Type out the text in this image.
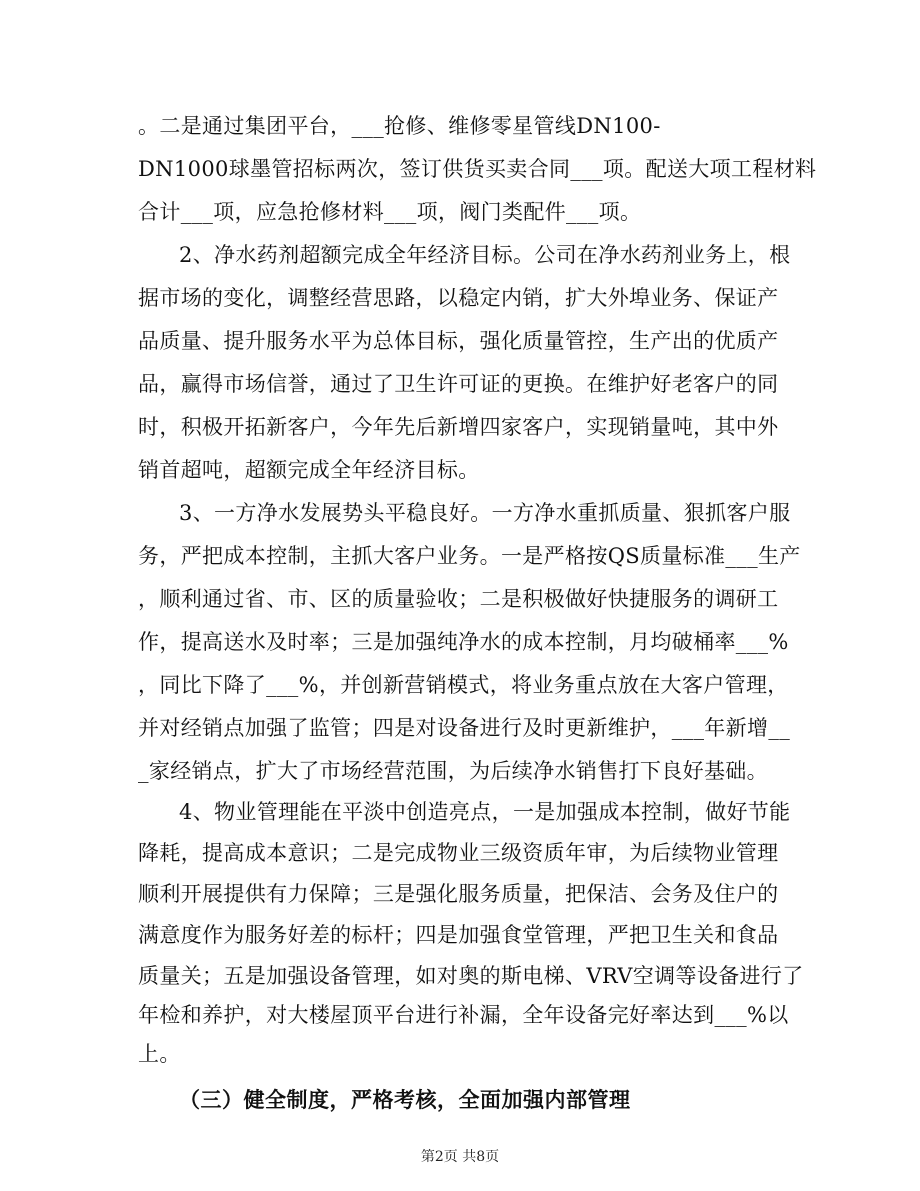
。二是通过集团平台，___抢修、维修零星管线DN100-
DN1000球墨管招标两次，签订供货买卖合同___项。配送大项工程材料
合计___项，应急抢修材料___项，阀门类配件___项。
2、净水药剂超额完成全年经济目标。公司在净水药剂业务上，根
据市场的变化，调整经营思路，以稳定内销，扩大外埠业务、保证产
品质量、提升服务水平为总体目标，强化质量管控，生产出的优质产
品，赢得市场信誉，通过了卫生许可证的更换。在维护好老客户的同
时，积极开拓新客户，今年先后新增四家客户，实现销量吨，其中外
销首超吨，超额完成全年经济目标。
3、一方净水发展势头平稳良好。一方净水重抓质量、狠抓客户服
务，严把成本控制，主抓大客户业务。一是严格按QS质量标准___生产
，顺利通过省、市、区的质量验收；二是积极做好快捷服务的调研工
作，提高送水及时率；三是加强纯净水的成本控制，月均破桶率___%
，同比下降了___%，并创新营销模式，将业务重点放在大客户管理，
并对经销点加强了监管；四是对设备进行及时更新维护，___年新增__
_家经销点，扩大了市场经营范围，为后续净水销售打下良好基础。
4、物业管理能在平淡中创造亮点，一是加强成本控制，做好节能
降耗，提高成本意识；二是完成物业三级资质年审，为后续物业管理
顺利开展提供有力保障；三是强化服务质量，把保洁、会务及住户的
满意度作为服务好差的标杆；四是加强食堂管理，严把卫生关和食品
质量关；五是加强设备管理，如对奥的斯电梯、VRV空调等设备进行了
年检和养护，对大楼屋顶平台进行补漏，全年设备完好率达到___%以
（三）健全制度，严格考核，全面加强内部管理
第2页 共8页
上。
